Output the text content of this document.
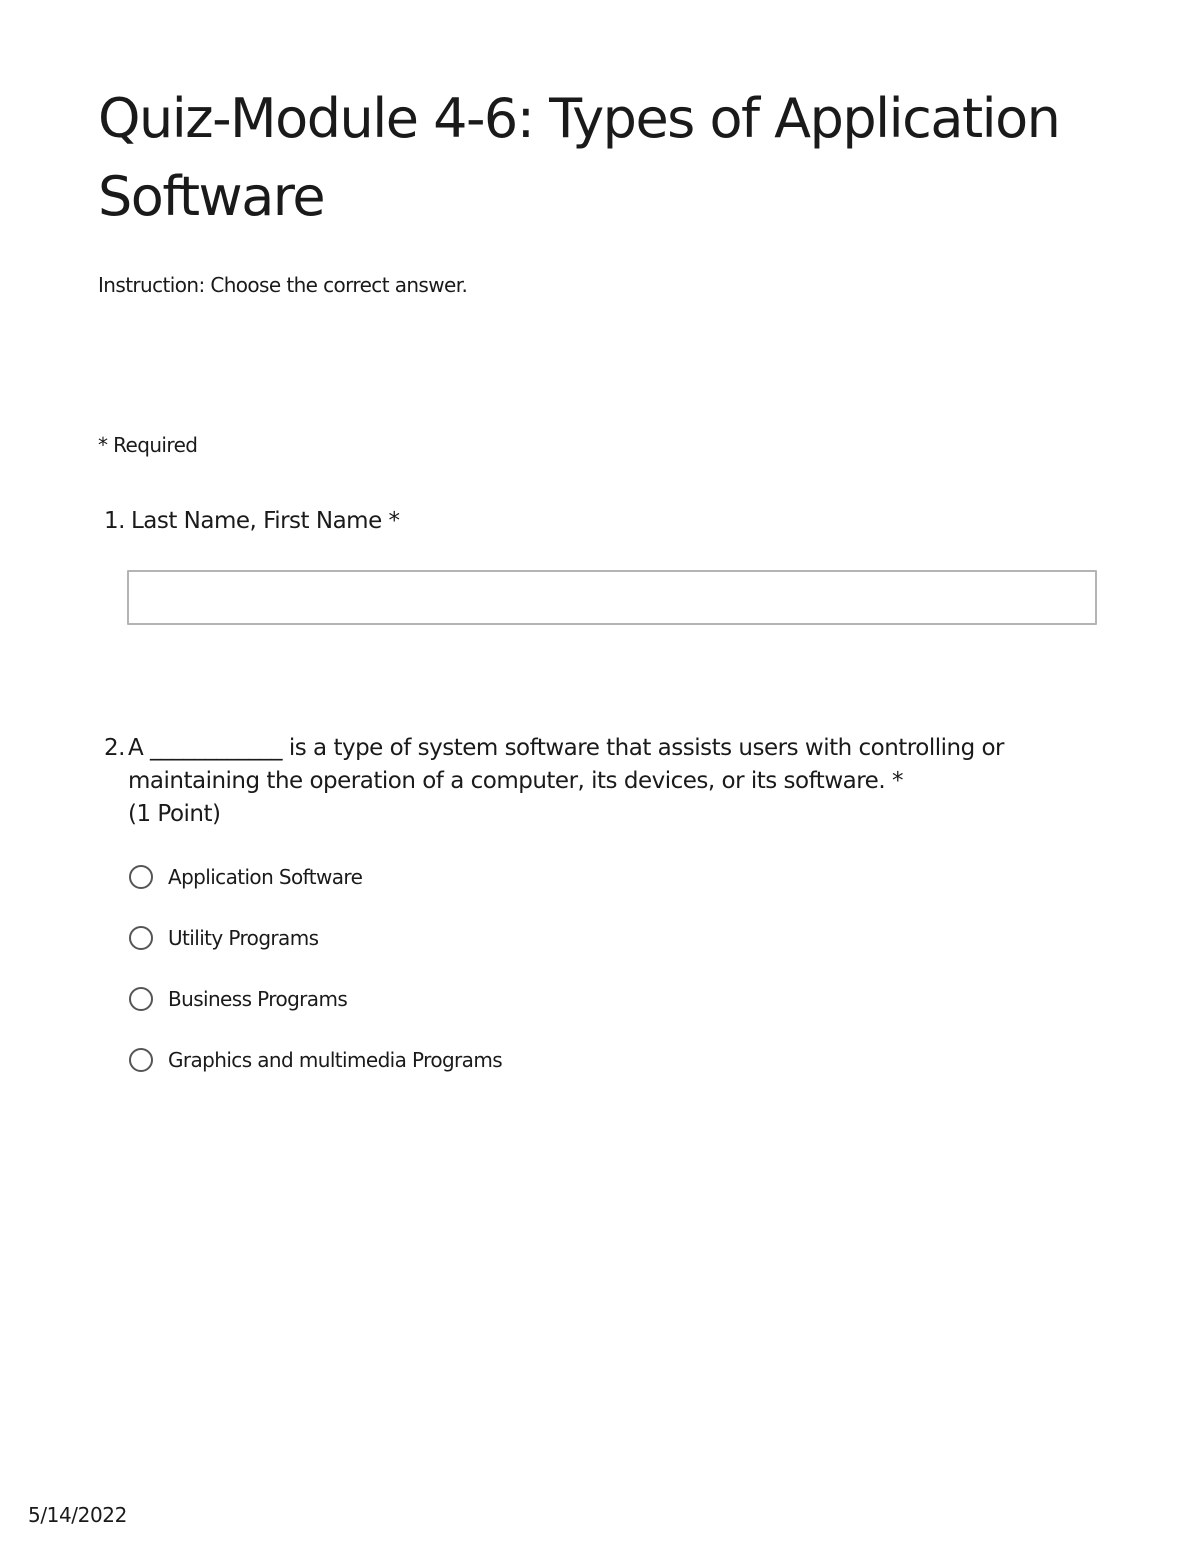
Quiz-Module 4-6: Types of Application Software
Instruction: Choose the correct answer.
* Required
1. Last Name, First Name *
2. A ____________ is a type of system software that assists users with controlling or
maintaining the operation of a computer, its devices, or its software. *
(1 Point)
Application Software
Utility Programs
Business Programs
Graphics and multimedia Programs
5/14/2022
